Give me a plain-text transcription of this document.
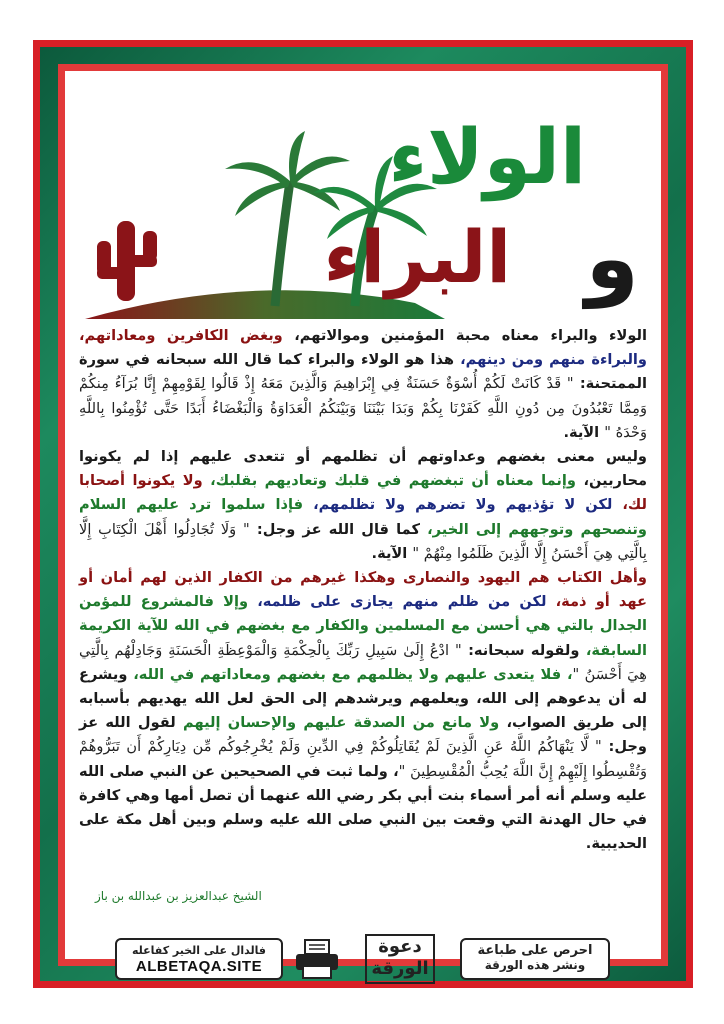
الولاء
البراء و
الولاء والبراء معناه محبة المؤمنين وموالاتهم، وبغض الكافرين ومعاداتهم، والبراءة منهم ومن دينهم، هذا هو الولاء والبراء كما قال الله سبحانه في سورة الممتحنة: " قَدْ كَانَتْ لَكُمْ أُسْوَةٌ حَسَنَةٌ فِي إِبْرَاهِيمَ وَالَّذِينَ مَعَهُ إِذْ قَالُوا لِقَوْمِهِمْ إِنَّا بُرَآءُ مِنكُمْ وَمِمَّا تَعْبُدُونَ مِن دُونِ اللَّهِ كَفَرْنَا بِكُمْ وَبَدَا بَيْنَنَا وَبَيْنَكُمُ الْعَدَاوَةُ وَالْبَغْضَاءُ أَبَدًا حَتَّى تُؤْمِنُوا بِاللَّهِ وَحْدَهُ " الآية.
وليس معنى بغضهم وعداوتهم أن تظلمهم أو تتعدى عليهم إذا لم يكونوا محاربين، وإنما معناه أن تبغضهم في قلبك وتعاديهم بقلبك، ولا يكونوا أصحابا لك، لكن لا تؤذيهم ولا تضرهم ولا تظلمهم، فإذا سلموا ترد عليهم السلام وتنصحهم وتوجههم إلى الخير، كما قال الله عز وجل: " وَلَا تُجَادِلُوا أَهْلَ الْكِتَابِ إِلَّا بِالَّتِي هِيَ أَحْسَنُ إِلَّا الَّذِينَ ظَلَمُوا مِنْهُمْ " الآية.
وأهل الكتاب هم اليهود والنصارى وهكذا غيرهم من الكفار الذين لهم أمان أو عهد أو ذمة، لكن من ظلم منهم يجازى على ظلمه، وإلا فالمشروع للمؤمن الجدال بالتي هي أحسن مع المسلمين والكفار مع بغضهم في الله للآية الكريمة السابقة، ولقوله سبحانه: " ادْعُ إِلَىٰ سَبِيلِ رَبِّكَ بِالْحِكْمَةِ وَالْمَوْعِظَةِ الْحَسَنَةِ وَجَادِلْهُم بِالَّتِي هِيَ أَحْسَنُ "، فلا يتعدى عليهم ولا يظلمهم مع بغضهم ومعاداتهم في الله، ويشرع له أن يدعوهم إلى الله، ويعلمهم ويرشدهم إلى الحق لعل الله يهديهم بأسبابه إلى طريق الصواب، ولا مانع من الصدقة عليهم والإحسان إليهم لقول الله عز وجل: " لَّا يَنْهَاكُمُ اللَّهُ عَنِ الَّذِينَ لَمْ يُقَاتِلُوكُمْ فِي الدِّينِ وَلَمْ يُخْرِجُوكُم مِّن دِيَارِكُمْ أَن تَبَرُّوهُمْ وَتُقْسِطُوا إِلَيْهِمْ إِنَّ اللَّهَ يُحِبُّ الْمُقْسِطِينَ "، ولما ثبت في الصحيحين عن النبي صلى الله عليه وسلم أنه أمر أسماء بنت أبي بكر رضي الله عنهما أن تصل أمها وهي كافرة في حال الهدنة التي وقعت بين النبي صلى الله عليه وسلم وبين أهل مكة على الحديبية.
الشيخ عبدالعزيز بن عبدالله بن باز
فالدال على الخير كفاعله
ALBETAQA.SITE
دعوة
الورقة
احرص على طباعة
ونشر هذه الورقة
